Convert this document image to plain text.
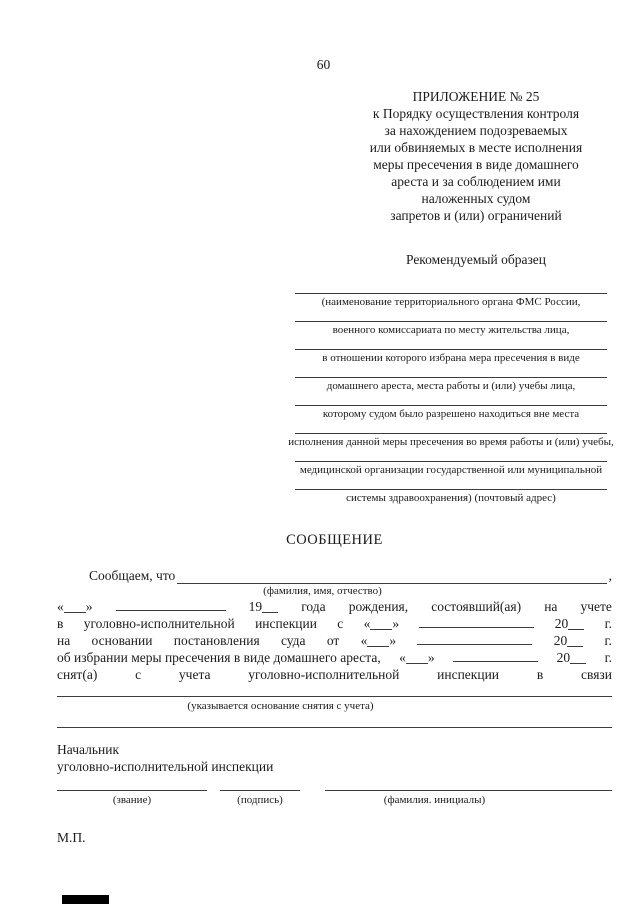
60
ПРИЛОЖЕНИЕ № 25
к Порядку осуществления контроля
за нахождением подозреваемых
или обвиняемых в месте исполнения
меры пресечения в виде домашнего
ареста и за соблюдением ими
наложенных судом
запретов и (или) ограничений
Рекомендуемый образец
(наименование территориального органа ФМС России,
военного комиссариата по месту жительства лица,
в отношении которого избрана мера пресечения в виде
домашнего ареста, места работы и (или) учебы лица,
которому судом было разрешено находиться вне места
исполнения данной меры пресечения во время работы и (или) учебы,
медицинской организации государственной или муниципальной
системы здравоохранения) (почтовый адрес)
СООБЩЕНИЕ
Сообщаем, что	,
(фамилия, имя, отчество)
« »	19	года рождения, состоявший(ая) на учете
в уголовно-исполнительной инспекции с « »	20	г.
на основании постановления суда от « »	20	г.
об избрании меры пресечения в виде домашнего ареста, « »	20	г.
снят(а)	с	учета	уголовно-исполнительной	инспекции	в	связи
(указывается основание снятия с учета)
Начальник
уголовно-исполнительной инспекции
(звание)	(подпись)	(фамилия. инициалы)
М.П.
